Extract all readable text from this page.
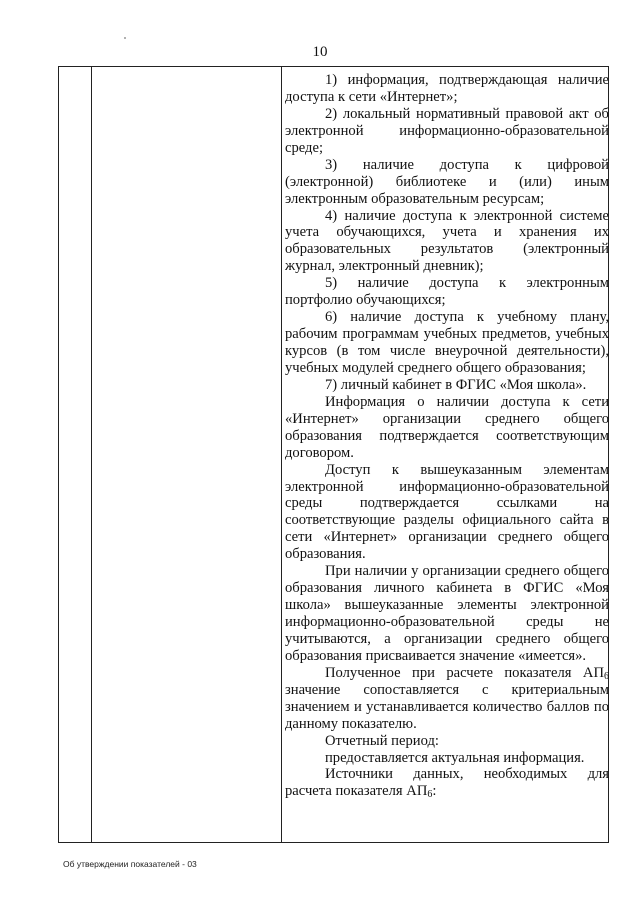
10

1) информация, подтверждающая наличие доступа к сети «Интернет»;

2) локальный нормативный правовой акт об электронной информационно-образовательной среде;

3) наличие доступа к цифровой (электронной) библиотеке и (или) иным электронным образовательным ресурсам;

4) наличие доступа к электронной системе учета обучающихся, учета и хранения их образовательных результатов (электронный журнал, электронный дневник);

5) наличие доступа к электронным портфолио обучающихся;

6) наличие доступа к учебному плану, рабочим программам учебных предметов, учебных курсов (в том числе внеурочной деятельности), учебных модулей среднего общего образования;

7) личный кабинет в ФГИС «Моя школа».

Информация о наличии доступа к сети «Интернет» организации среднего общего образования подтверждается соответствующим договором.

Доступ к вышеуказанным элементам электронной информационно-образовательной среды подтверждается ссылками на соответствующие разделы официального сайта в сети «Интернет» организации среднего общего образования.

При наличии у организации среднего общего образования личного кабинета в ФГИС «Моя школа» вышеуказанные элементы электронной информационно-образовательной среды не учитываются, а организации среднего общего образования присваивается значение «имеется».

Полученное при расчете показателя $АП_6$ значение сопоставляется с критериальным значением и устанавливается количество баллов по данному показателю.

Отчетный период:

предоставляется актуальная информация.

Источники данных, необходимых для расчета показателя $АП_6$:

Об утверждении показателей - 03
